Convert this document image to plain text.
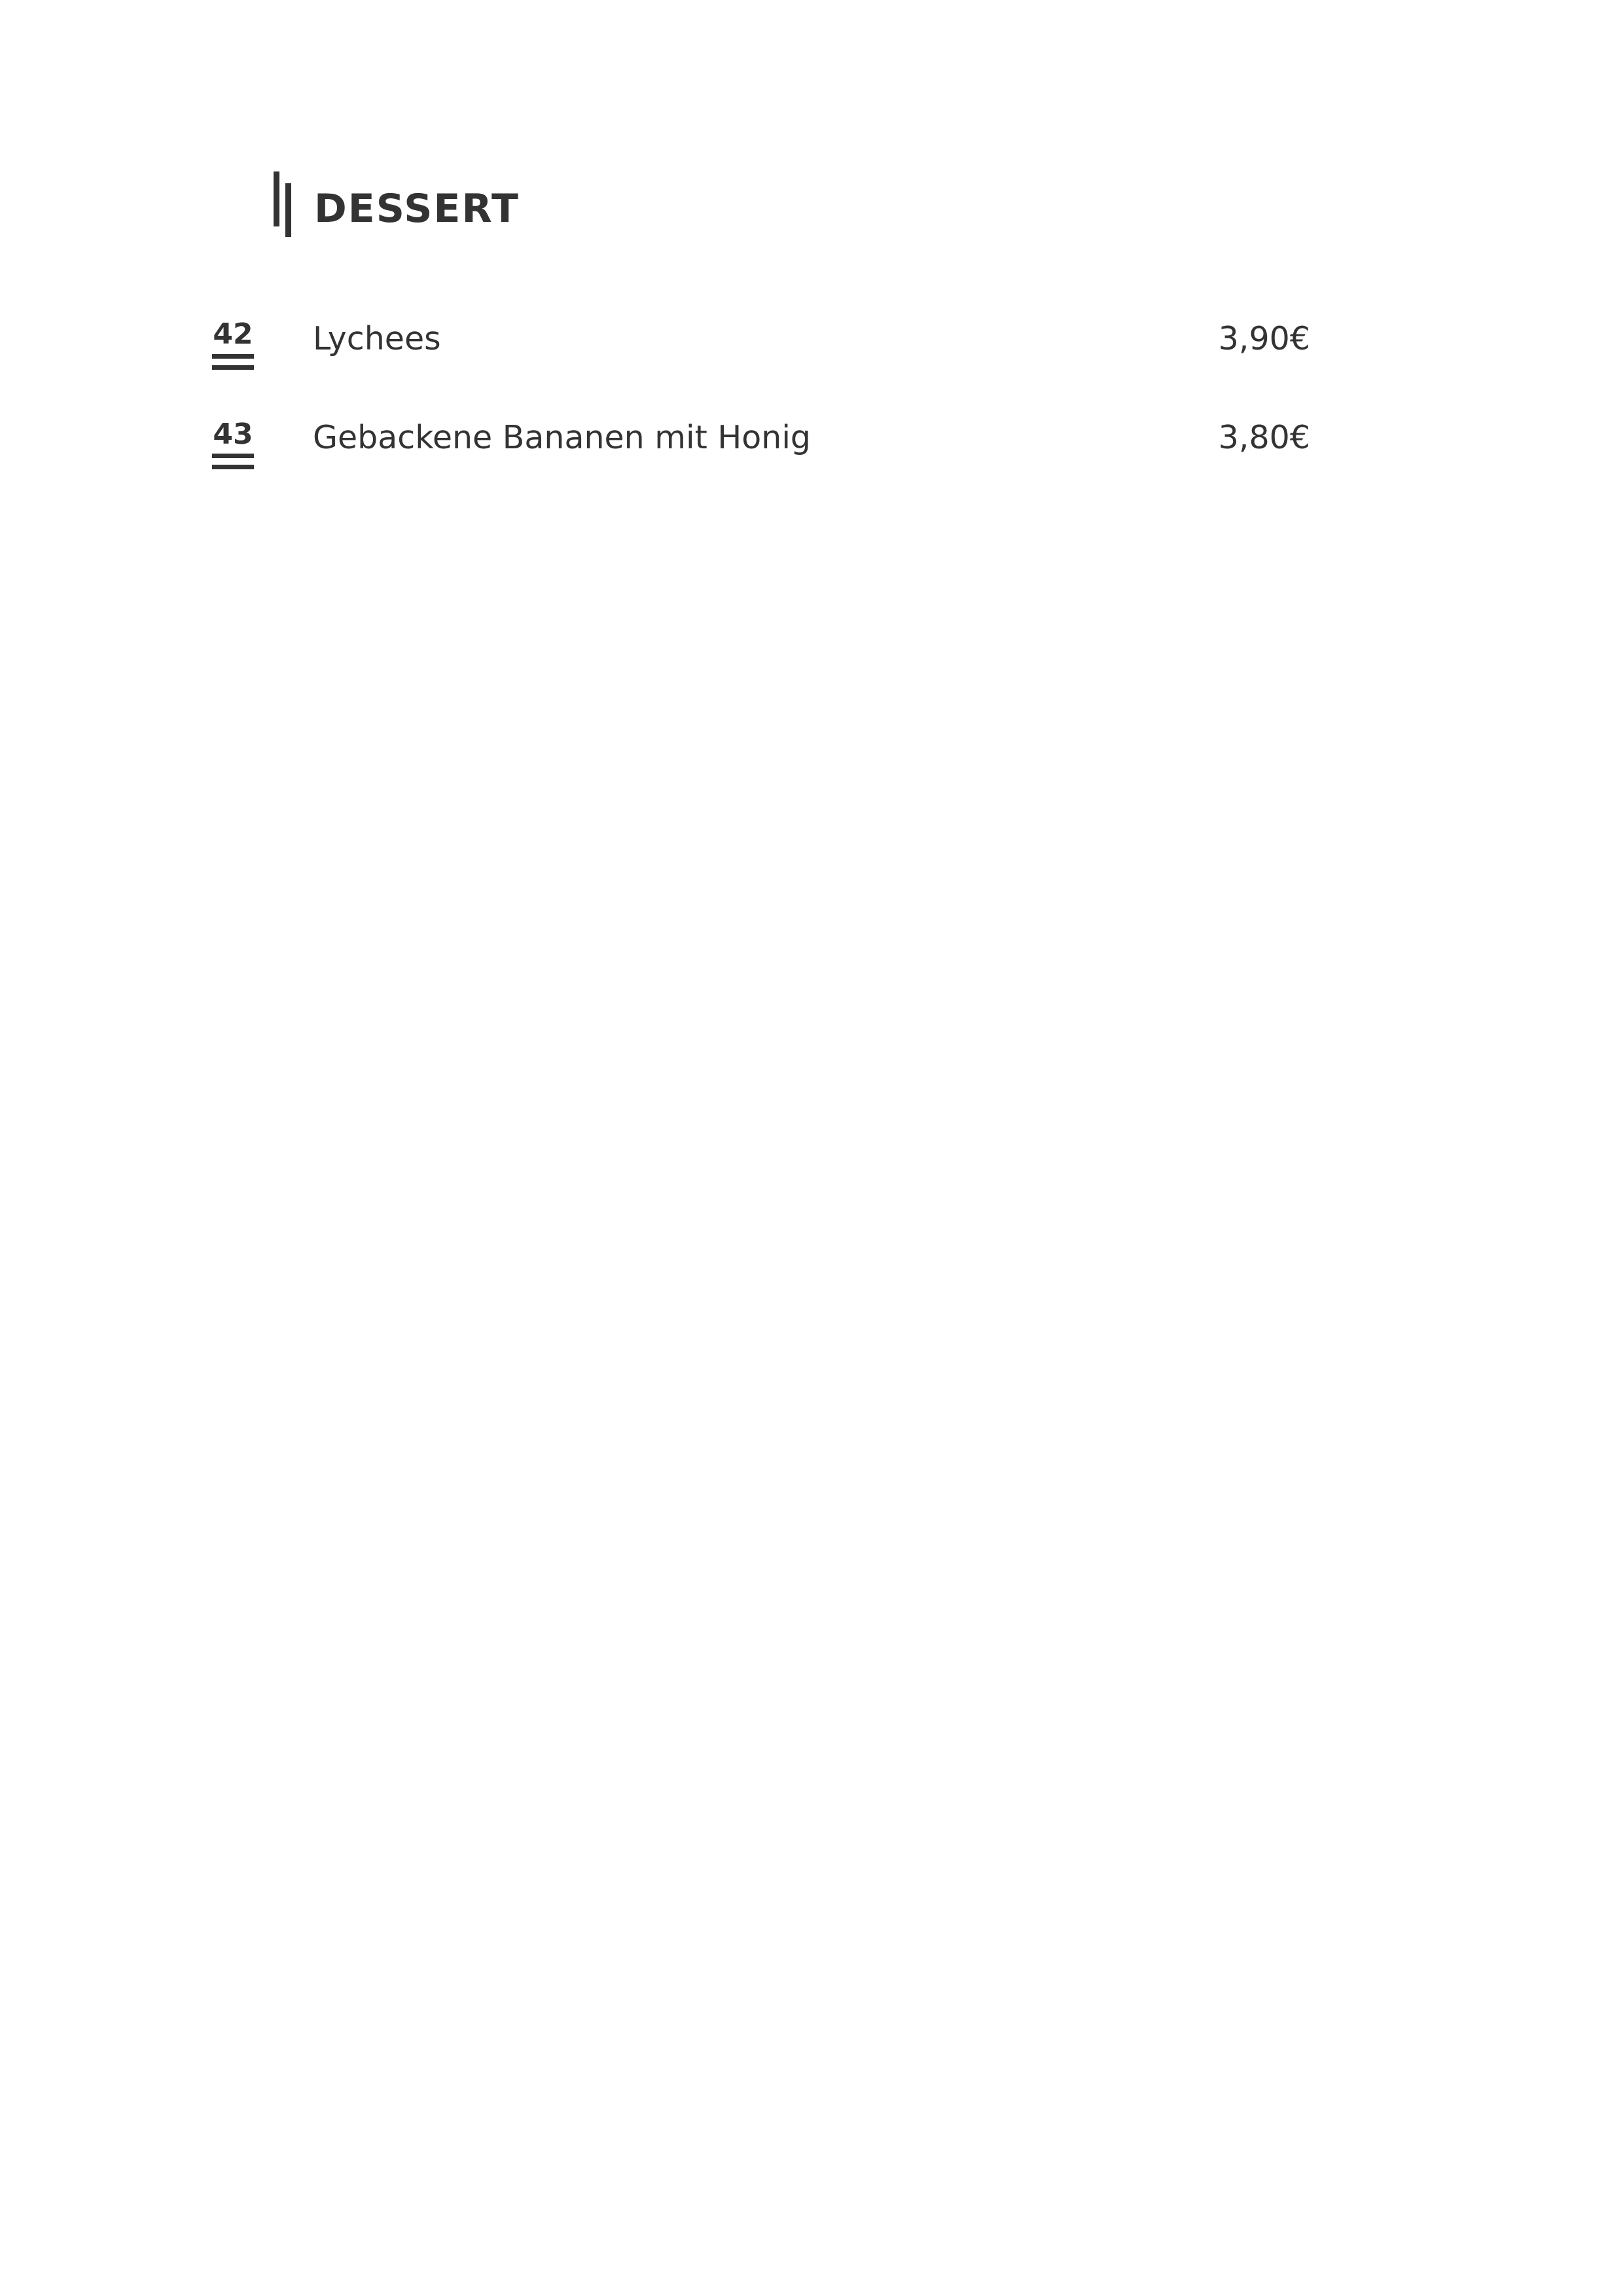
DESSERT
42 Lychees	3,90€
43 Gebackene Bananen mit Honig	3,80€
